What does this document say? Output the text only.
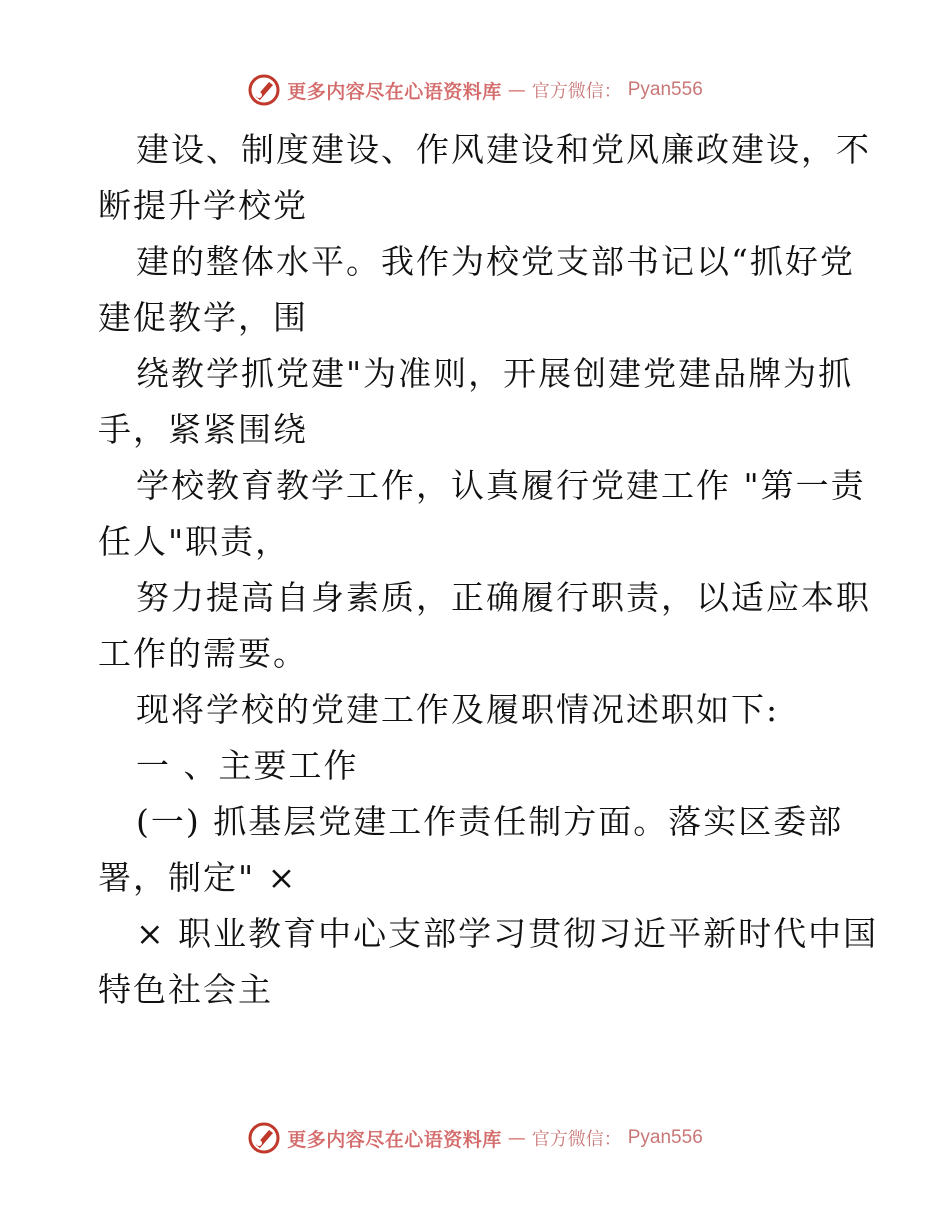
更多内容尽在心语资料库 — 官方微信： Pyan556
建设、制度建设、作风建设和党风廉政建设，不
断提升学校党
建的整体水平。我作为校党支部书记以“抓好党
建促教学，围
绕教学抓党建"为准则，开展创建党建品牌为抓
手，紧紧围绕
学校教育教学工作，认真履行党建工作 "第一责
任人"职责，
努力提高自身素质，正确履行职责，以适应本职
工作的需要。
现将学校的党建工作及履职情况述职如下:
一 、主要工作
(一) 抓基层党建工作责任制方面。落实区委部
署，制定" ×
× 职业教育中心支部学习贯彻习近平新时代中国
特色社会主
更多内容尽在心语资料库 — 官方微信： Pyan556
